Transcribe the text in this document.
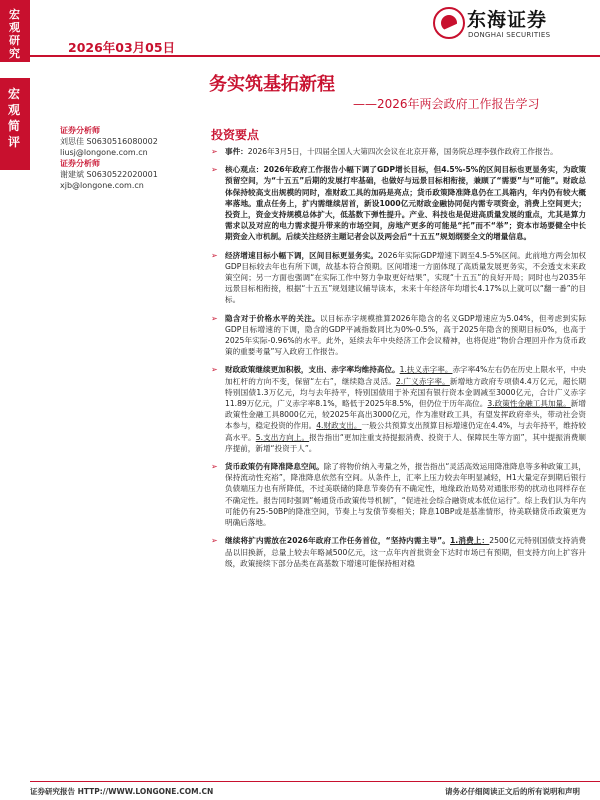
宏观研究	2026年03月05日
东海证券
DONGHAI SECURITIES
宏观简评
务实筑基拓新程
——2026年两会政府工作报告学习
证券分析师
刘思佳 S0630516080002
liusj@longone.com.cn
证券分析师
谢建斌 S0630522020001
xjb@longone.com.cn
投资要点
➢ 事件：2026年3月5日，十四届全国人大第四次会议在北京开幕，国务院总理李强作政府工作报告。
➢ 核心观点：2026年政府工作报告小幅下调了GDP增长目标，但4.5%-5%的区间目标也更显务实，为政策预留空间，为“十五五”后期的发展打牢基础，也做好与远景目标相衔接，兼顾了“需要”与“可能”。财政总体保持较高支出规模的同时，准财政工具的加码是亮点；货币政策降准降息仍在工具箱内，年内仍有较大概率落地。重点任务上，扩内需继续居首，新设1000亿元财政金融协同促内需专项资金，消费上空间更大；投资上，资金支持规模总体扩大，低基数下弹性提升。产业、科技也是促进高质量发展的重点，尤其是算力需求以及对应的电力需求提升带来的市场空间，房地产更多的可能是“托”而不“举”；资本市场要健全中长期资金入市机制。后续关注经济主题记者会以及两会后“十五五”规划纲要全文的增量信息。
➢ 经济增速目标小幅下调，区间目标更显务实。2026年实际GDP增速下调至4.5-5%区间。此前地方两会加权GDP目标较去年也有所下调，故基本符合预期。区间增速一方面体现了高质量发展更务实，不会透支未来政策空间；另一方面也强调“在实际工作中努力争取更好结果”，实现“十五五”的良好开局；同时也与2035年远景目标相衔接，根据“十五五”规划建议辅导读本，未来十年经济年均增长4.17%以上就可以“翻一番”的目标。
➢ 隐含对于价格水平的关注。以目标赤字规模推算2026年隐含的名义GDP增速应为5.04%，但考虑到实际GDP目标增速的下调，隐含的GDP平减指数同比为0%-0.5%，高于2025年隐含的预期目标0%，也高于2025年实际-0.96%的水平。此外，延续去年中央经济工作会议精神，也将促进“物价合理回升作为货币政策的重要考量”写入政府工作报告。
➢ 财政政策继续更加积极，支出、赤字率均维持高位。1.扶义赤字率。赤字率4%左右仍在历史上限水平，中央加杠杆的方向不变，保留“左右”，继续隐含灵活。2.广义赤字率。新增地方政府专项债4.4万亿元，超长期特别国债1.3万亿元，均与去年持平，特别国债用于补充国有银行资本金调减至3000亿元，合计广义赤字11.89万亿元，广义赤字率8.1%，略低于2025年8.5%，但仍位于历年高位。3.政策性金融工具加量。新增政策性金融工具8000亿元，较2025年高出3000亿元，作为准财政工具，有望发挥政府牵头，带动社会资本参与，稳定投资的作用。4.财政支出。一般公共预算支出预算目标增速仍定在4.4%，与去年持平，维持较高水平。5.支出方向上。报告指出“更加注重支持提振消费、投资于人、保障民生等方面”，其中提振消费顺序提前，新增“投资于人”。
➢ 货币政策仍有降准降息空间。除了将物价纳入考量之外，报告指出“灵活高效运用降准降息等多种政策工具，保持流动性充裕”，降准降息依然有空间。从条件上，汇率上压力较去年明显减轻，H1大量定存到期后银行负债端压力也有所降低，不过美联储的降息节奏仍有不确定性，地缘政治局势对通胀形势的扰动也同样存在不确定性。报告同时强调“畅通货币政策传导机制”，“促进社会综合融资成本低位运行”。综上我们认为年内可能仍有25-50BP的降准空间，节奏上与发债节奏相关；降息10BP或是基准情形，待美联储货币政策更为明确后落地。
➢ 继续将扩内需放在2026年政府工作任务首位，“坚持内需主导”。1.消费上：2500亿元特别国债支持消费品以旧换新，总量上较去年略减500亿元，这一点年内首批资金下达时市场已有预期，但支持方向上扩容升级，政策接续下部分品类在高基数下增速可能保持相对稳
证券研究报告 HTTP://WWW.LONGONE.COM.CN	请务必仔细阅读正文后的所有说明和声明
